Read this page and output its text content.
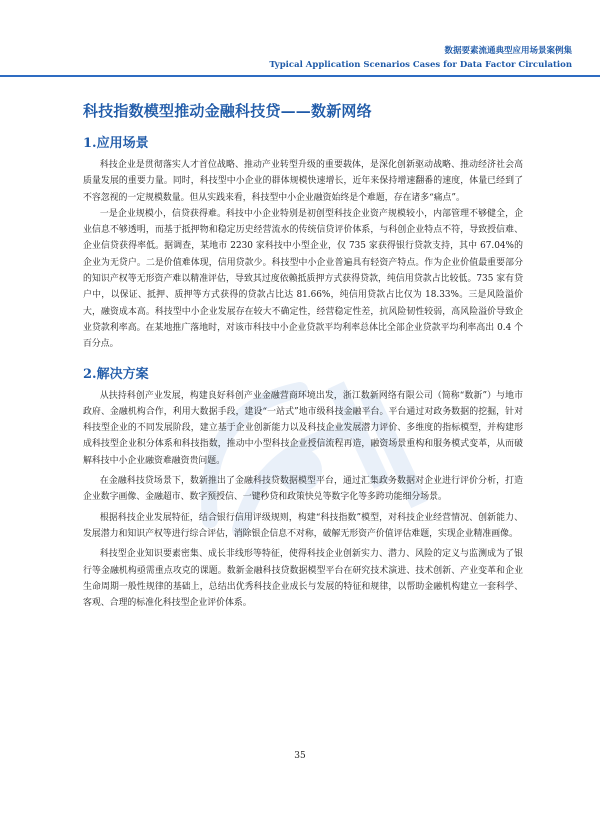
数据要素流通典型应用场景案例集
Typical Application Scenarios Cases for Data Factor Circulation
科技指数模型推动金融科技贷——数新网络
1.应用场景

科技企业是贯彻落实人才首位战略、推动产业转型升级的重要载体，是深化创新驱动战略、推动经济社会高质量发展的重要力量。同时，科技型中小企业的群体规模快速增长，近年来保持增速翻番的速度，体量已经到了不容忽视的一定规模数量。但从实践来看，科技型中小企业融资始终是个难题，存在诸多“痛点”。

一是企业规模小，信贷获得难。科技中小企业特别是初创型科技企业资产规模较小，内部管理不够健全，企业信息不够透明，而基于抵押物和稳定历史经营流水的传统信贷评价体系，与科创企业特点不符，导致授信难、企业信贷获得率低。据调查，某地市 2230 家科技中小型企业，仅 735 家获得银行贷款支持，其中 67.04%的企业为无贷户。二是价值难体现，信用贷款少。科技型中小企业普遍具有轻资产特点。作为企业价值最重要部分的知识产权等无形资产难以精准评估，导致其过度依赖抵质押方式获得贷款，纯信用贷款占比较低。735 家有贷户中，以保证、抵押、质押等方式获得的贷款占比达 81.66%，纯信用贷款占比仅为 18.33%。三是风险溢价大，融资成本高。科技型中小企业发展存在较大不确定性，经营稳定性差，抗风险韧性较弱，高风险溢价导致企业贷款利率高。在某地推广落地时，对该市科技中小企业贷款平均利率总体比全部企业贷款平均利率高出 0.4 个百分点。

2.解决方案

从扶持科创产业发展，构建良好科创产业金融营商环境出发，浙江数新网络有限公司（简称“数新”）与地市政府、金融机构合作，利用大数据手段，建设“一站式”地市级科技金融平台。平台通过对政务数据的挖掘，针对科技型企业的不同发展阶段，建立基于企业创新能力以及科技企业发展潜力评价、多维度的指标模型，并构建形成科技型企业积分体系和科技指数，推动中小型科技企业授信流程再造，融资场景重构和服务模式变革，从而破解科技中小企业融资难融资贵问题。

在金融科技贷场景下，数新推出了金融科技贷数据模型平台，通过汇集政务数据对企业进行评价分析，打造企业数字画像、金融超市、数字预授信、一键秒贷和政策快兑等数字化等多跨功能细分场景。

根据科技企业发展特征，结合银行信用评级规则，构建“科技指数”模型，对科技企业经营情况、创新能力、发展潜力和知识产权等进行综合评估，消除银企信息不对称，破解无形资产价值评估难题，实现企业精准画像。

科技型企业知识要素密集、成长非线形等特征，使得科技企业创新实力、潜力、风险的定义与监测成为了银行等金融机构亟需重点攻克的课题。数新金融科技贷数据模型平台在研究技术演进、技术创新、产业变革和企业生命周期一般性规律的基础上，总结出优秀科技企业成长与发展的特征和规律，以帮助金融机构建立一套科学、客观、合理的标准化科技型企业评价体系。

35
